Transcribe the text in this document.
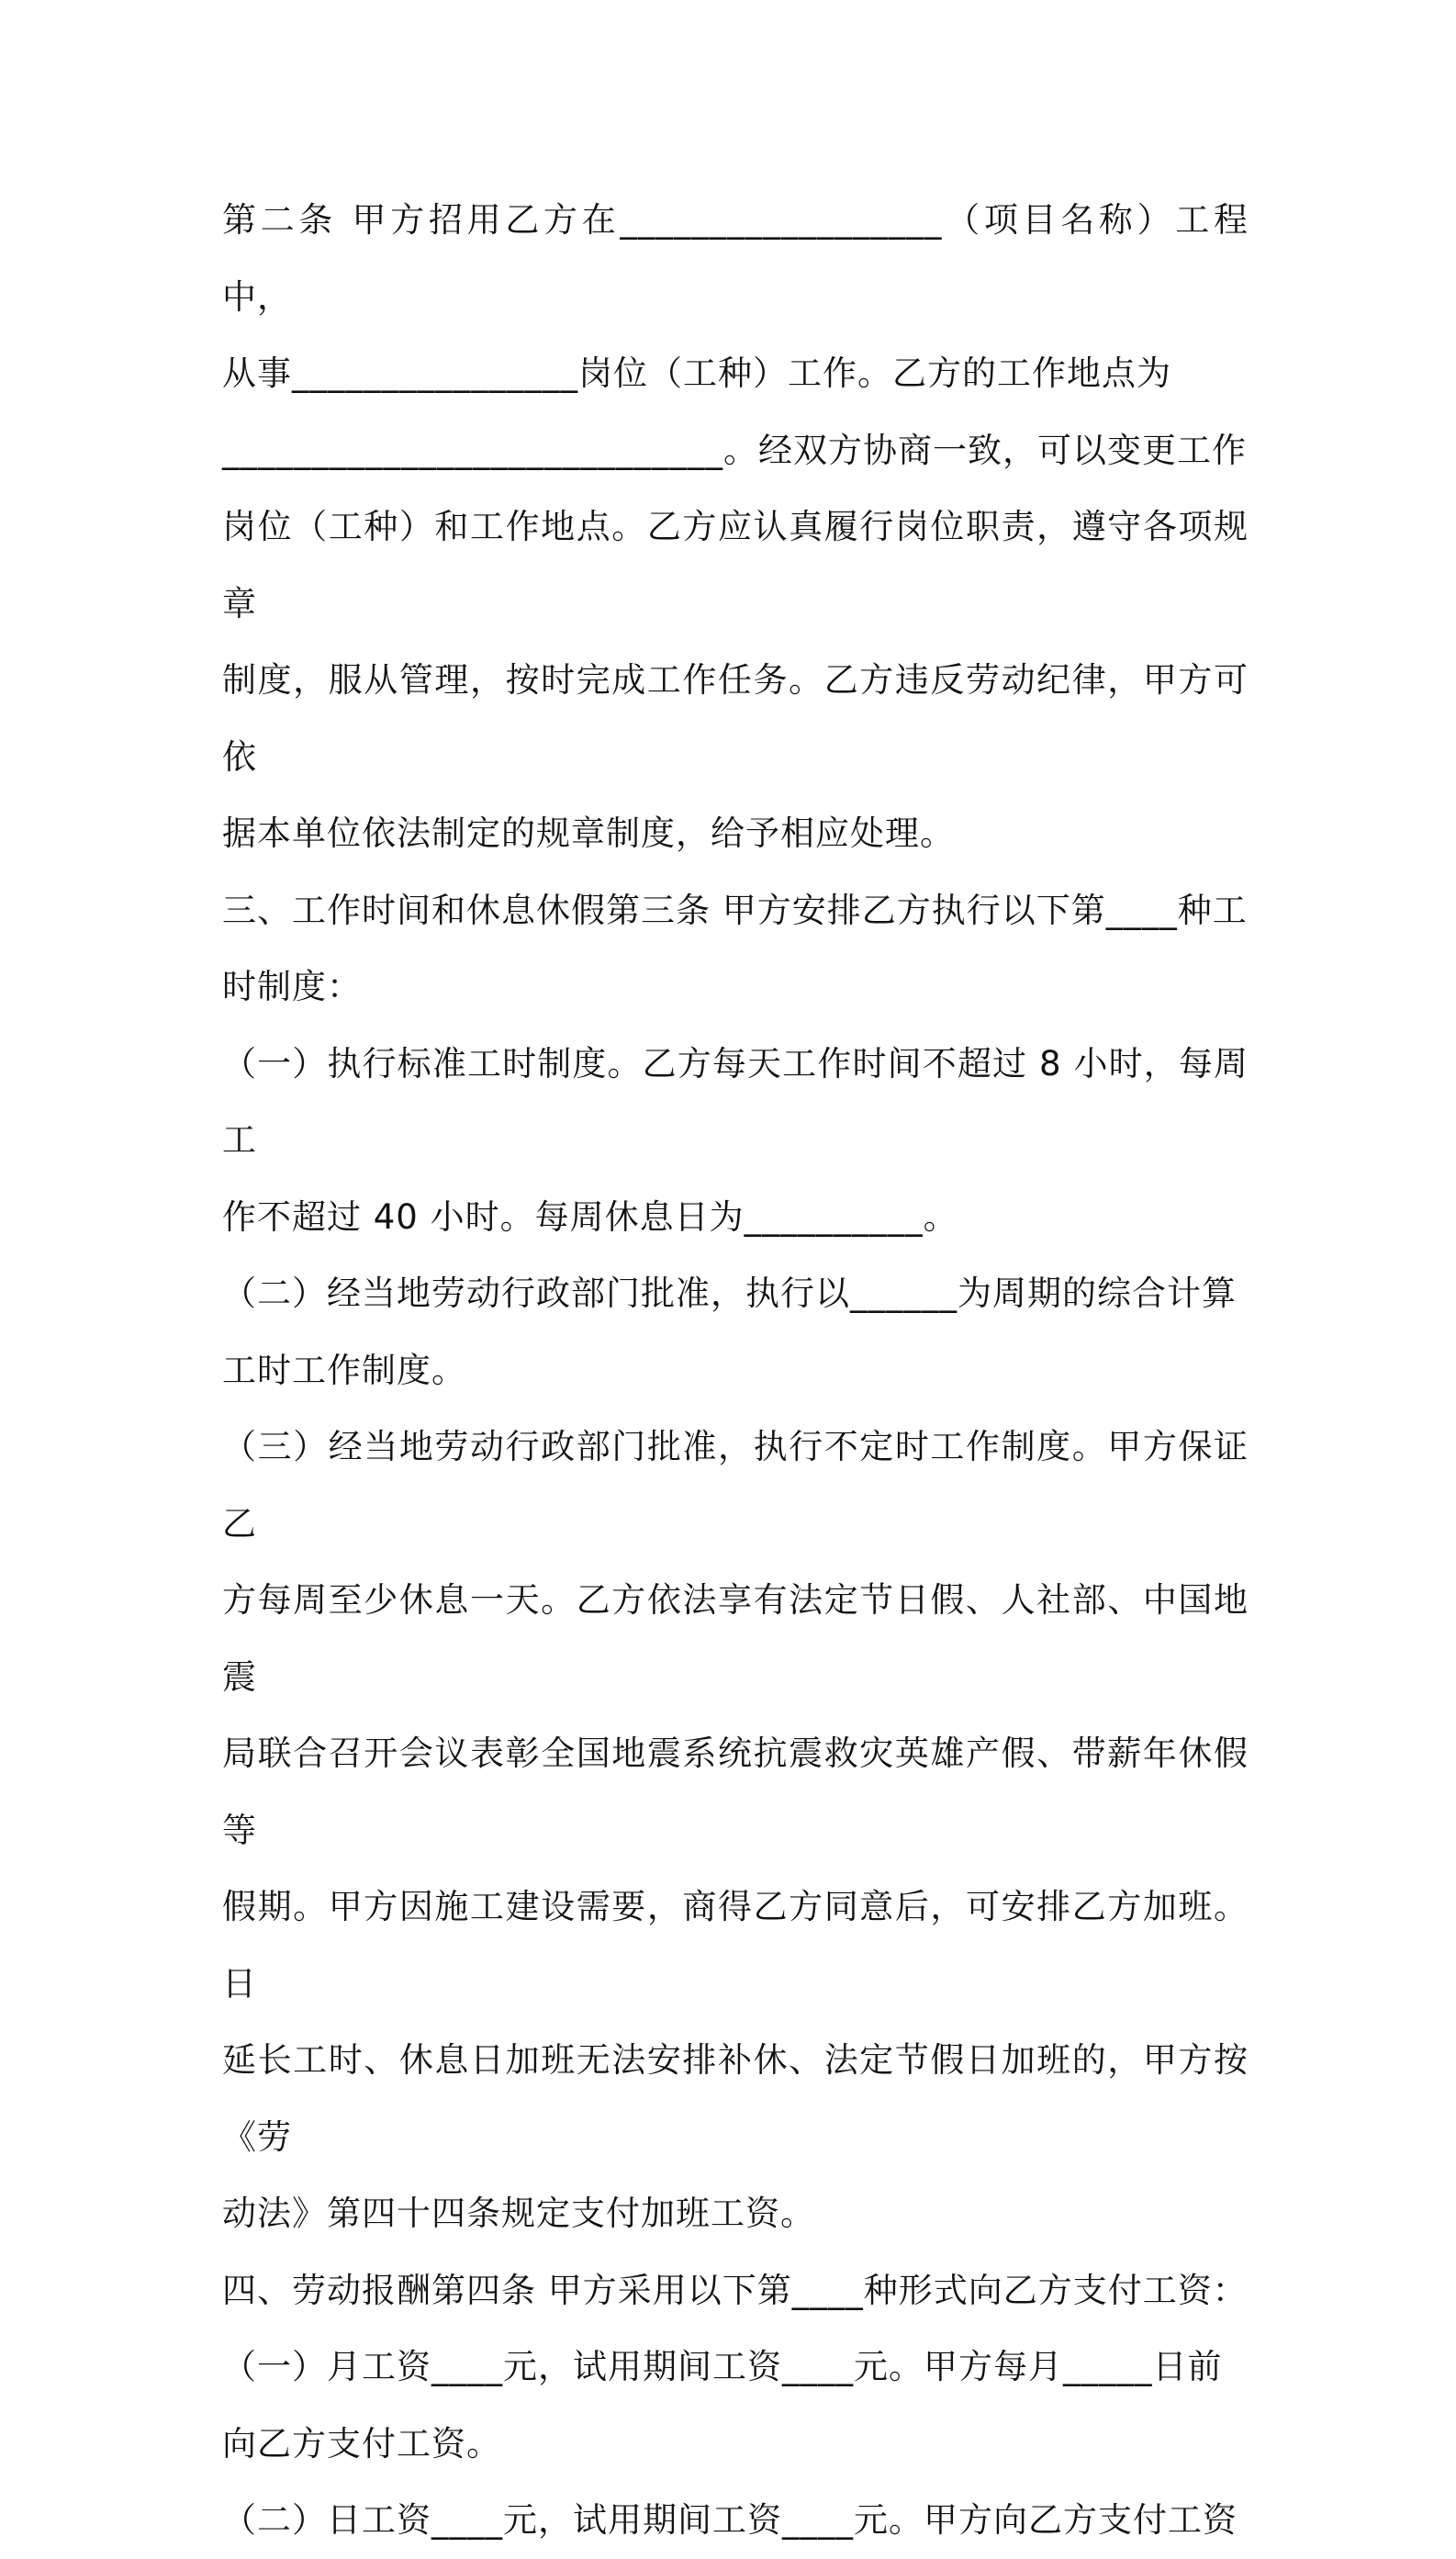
第二条 甲方招用乙方在__________________（项目名称）工程中，
从事________________岗位（工种）工作。乙方的工作地点为
____________________________。经双方协商一致，可以变更工作
岗位（工种）和工作地点。乙方应认真履行岗位职责，遵守各项规章
制度，服从管理，按时完成工作任务。乙方违反劳动纪律，甲方可依
据本单位依法制定的规章制度，给予相应处理。

三、工作时间和休息休假第三条 甲方安排乙方执行以下第____种工
时制度：

（一）执行标准工时制度。乙方每天工作时间不超过 8 小时，每周工
作不超过 40 小时。每周休息日为__________。

（二）经当地劳动行政部门批准，执行以______为周期的综合计算
工时工作制度。

（三）经当地劳动行政部门批准，执行不定时工作制度。甲方保证乙
方每周至少休息一天。乙方依法享有法定节日假、人社部、中国地震
局联合召开会议表彰全国地震系统抗震救灾英雄产假、带薪年休假等
假期。甲方因施工建设需要，商得乙方同意后，可安排乙方加班。日
延长工时、休息日加班无法安排补休、法定节假日加班的，甲方按《劳
动法》第四十四条规定支付加班工资。

四、劳动报酬第四条 甲方采用以下第____种形式向乙方支付工资：

（一）月工资____元，试用期间工资____元。甲方每月_____日前
向乙方支付工资。

（二）日工资____元，试用期间工资____元。甲方向乙方支付工资
